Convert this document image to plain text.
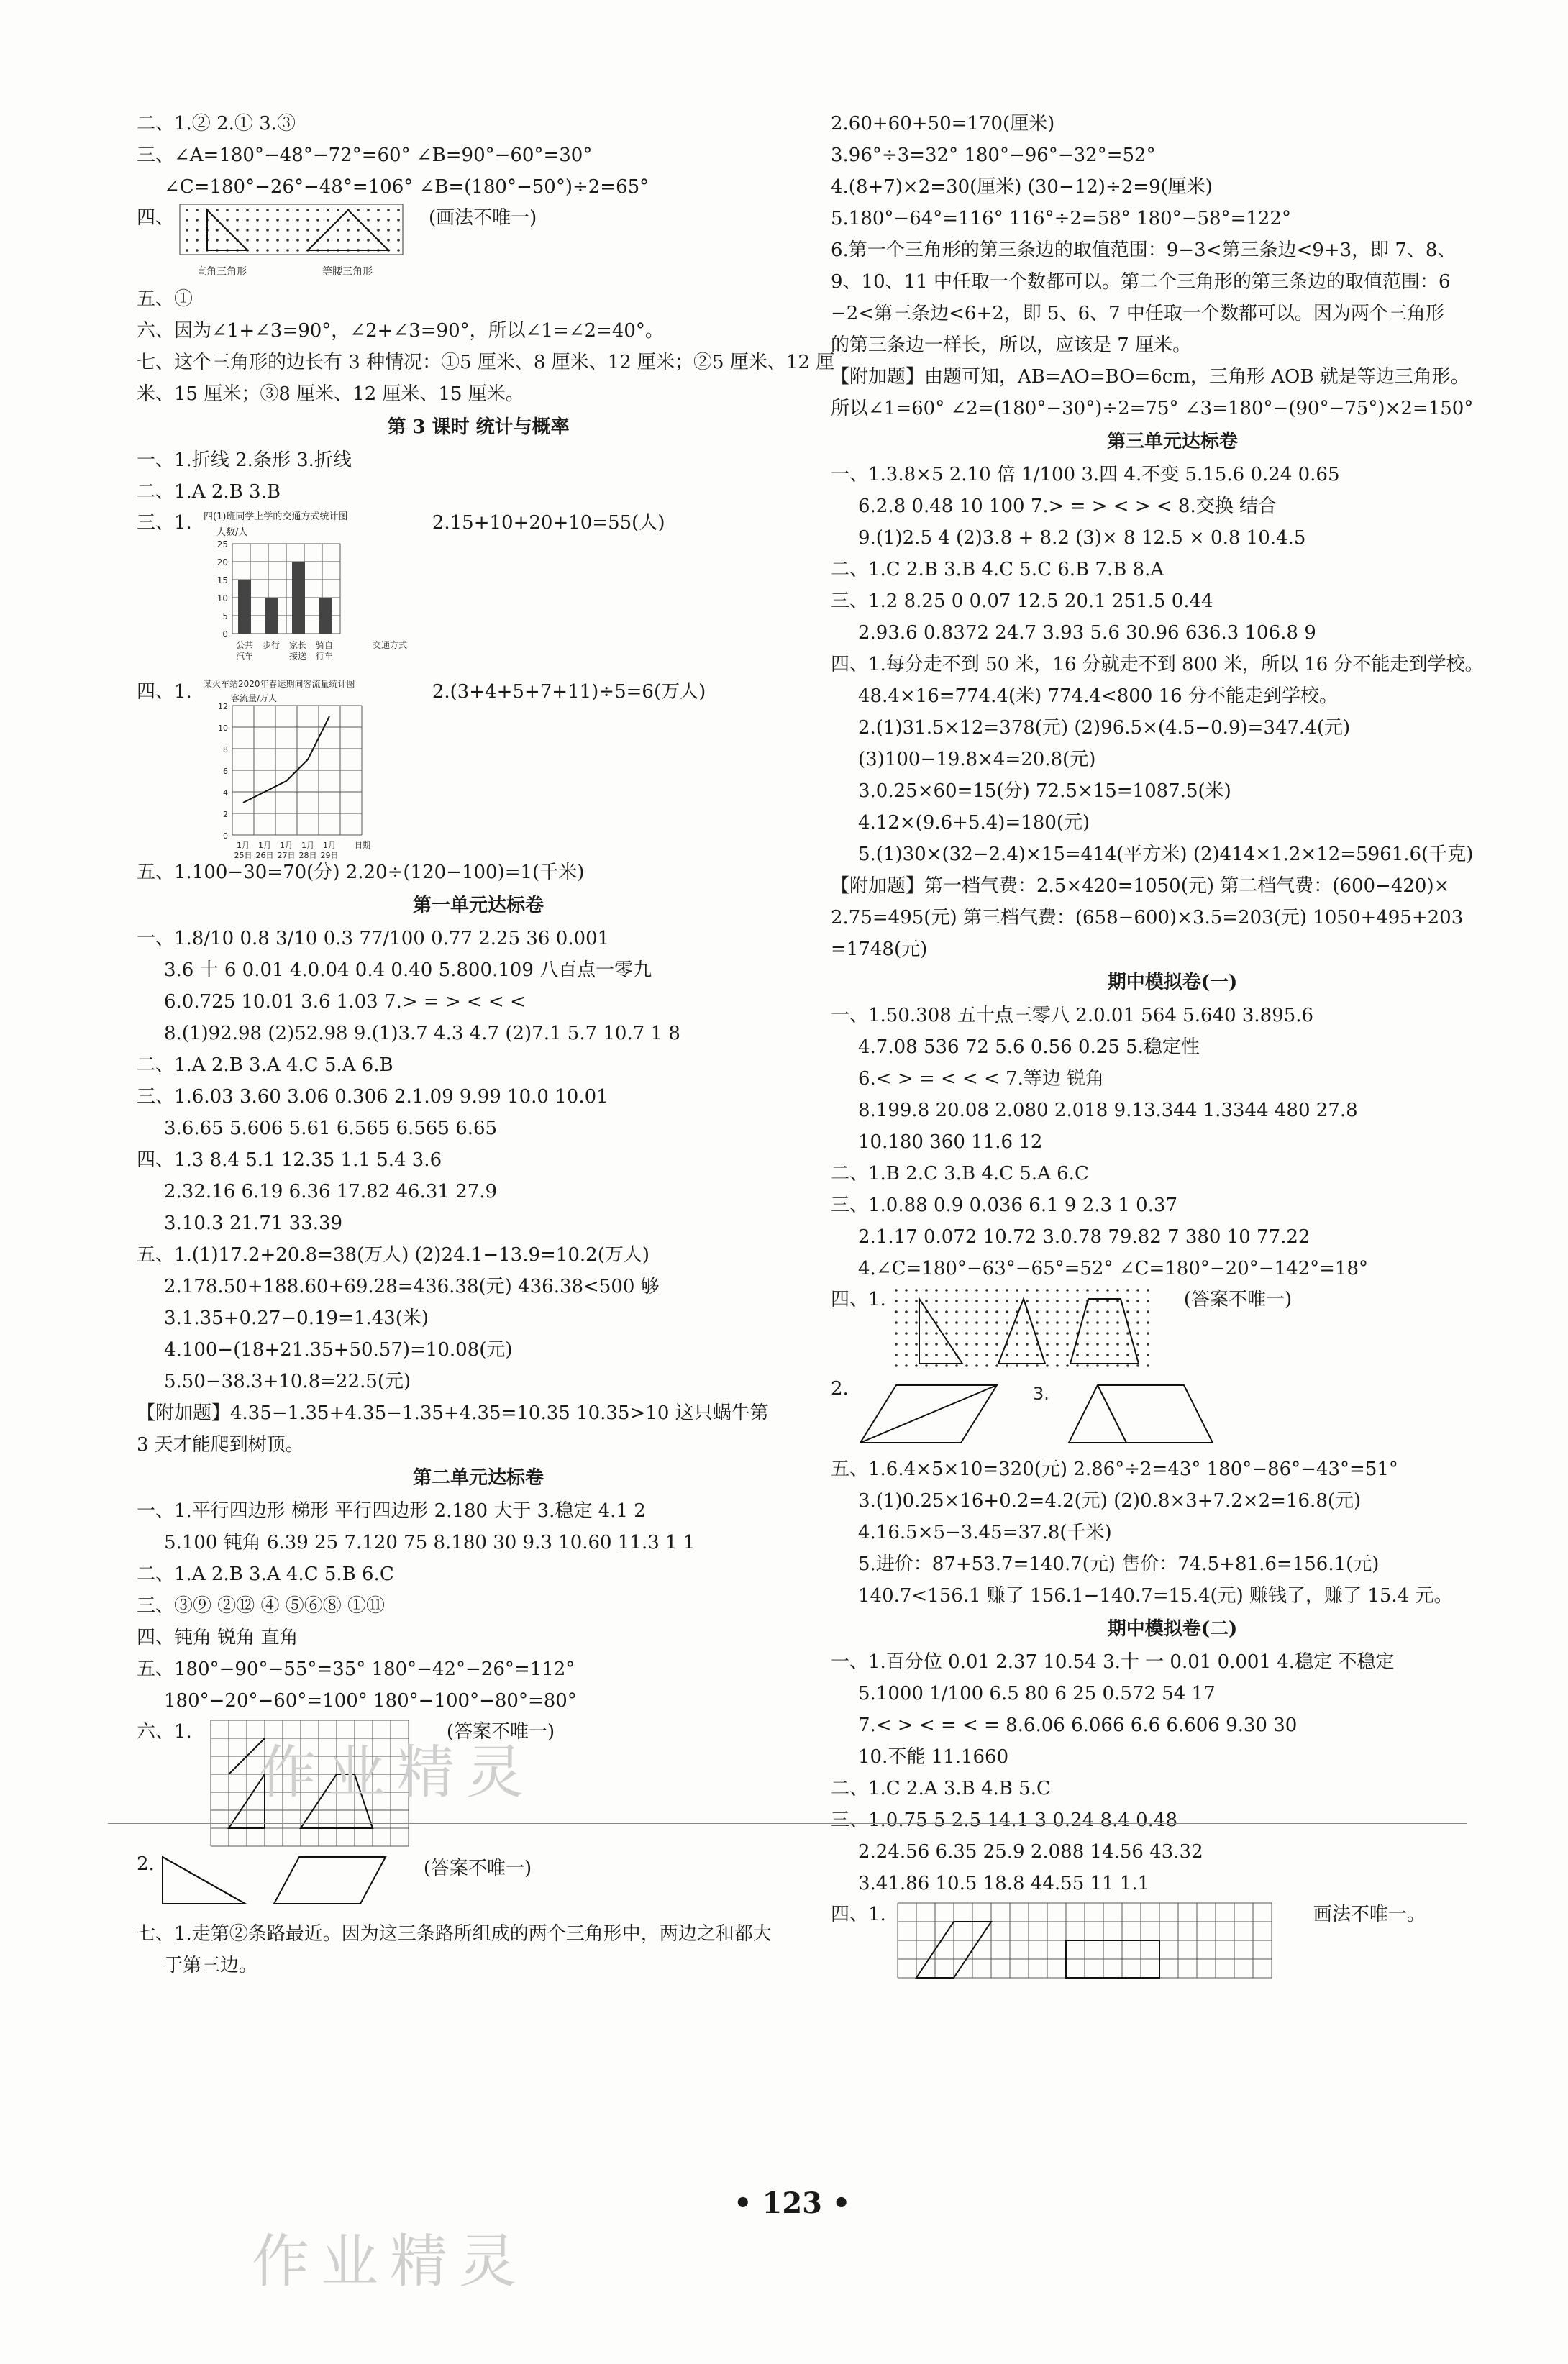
二、1.② 2.① 3.③
三、∠A=180°−48°−72°=60° ∠B=90°−60°=30°
∠C=180°−26°−48°=106° ∠B=(180°−50°)÷2=65°
四、
直角三角形	等腰三角形
(画法不唯一)
五、①
六、因为∠1+∠3=90°，∠2+∠3=90°，所以∠1=∠2=40°。
七、这个三角形的边长有 3 种情况：①5 厘米、8 厘米、12 厘米；②5 厘米、12 厘
米、15 厘米；③8 厘米、12 厘米、15 厘米。
第 3 课时 统计与概率
一、1.折线 2.条形 3.折线
二、1.A 2.B 3.B
三、1. 四(1)班同学上学的交通方式统计图
人数/人
25
20
15
10
5
0
公共 步行 家长 骑自
汽车	接送 行车
交通方式
2.15+10+20+10=55(人)
四、1. 某火车站2020年春运期间客流量统计图
客流量/万人
12
10
8
6
4
2
0
1月
25日
1月
26日
1月
27日
1月
28日
1月
29日
日期
2.(3+4+5+7+11)÷5=6(万人)
五、1.100−30=70(分) 2.20÷(120−100)=1(千米)
第一单元达标卷
一、1.8/10 0.8 3/10 0.3 77/100 0.77 2.25 36 0.001
3.6 十 6 0.01 4.0.04 0.4 0.40 5.800.109 八百点一零九
6.0.725 10.01 3.6 1.03 7.> = > < < <
8.(1)92.98 (2)52.98 9.(1)3.7 4.3 4.7 (2)7.1 5.7 10.7 1 8
二、1.A 2.B 3.A 4.C 5.A 6.B
三、1.6.03 3.60 3.06 0.306 2.1.09 9.99 10.0 10.01
3.6.65 5.606 5.61 6.565 6.565 6.65
四、1.3 8.4 5.1 12.35 1.1 5.4 3.6
2.32.16 6.19 6.36 17.82 46.31 27.9
3.10.3 21.71 33.39
五、1.(1)17.2+20.8=38(万人) (2)24.1−13.9=10.2(万人)
2.178.50+188.60+69.28=436.38(元) 436.38<500 够
3.1.35+0.27−0.19=1.43(米)
4.100−(18+21.35+50.57)=10.08(元)
5.50−38.3+10.8=22.5(元)
【附加题】4.35−1.35+4.35−1.35+4.35=10.35 10.35>10 这只蜗牛第
3 天才能爬到树顶。
第二单元达标卷
一、1.平行四边形 梯形 平行四边形 2.180 大于 3.稳定 4.1 2
5.100 钝角 6.39 25 7.120 75 8.180 30 9.3 10.60 11.3 1 1
二、1.A 2.B 3.A 4.C 5.B 6.C
三、③⑨ ②⑫ ④ ⑤⑥⑧ ①⑪
四、钝角 锐角 直角
五、180°−90°−55°=35° 180°−42°−26°=112°
180°−20°−60°=100° 180°−100°−80°=80°
六、1.	(答案不唯一)
2.	(答案不唯一)
七、1.走第②条路最近。因为这三条路所组成的两个三角形中，两边之和都大
于第三边。
2.60+60+50=170(厘米)
3.96°÷3=32° 180°−96°−32°=52°
4.(8+7)×2=30(厘米) (30−12)÷2=9(厘米)
5.180°−64°=116° 116°÷2=58° 180°−58°=122°
6.第一个三角形的第三条边的取值范围：9−3<第三条边<9+3，即 7、8、
9、10、11 中任取一个数都可以。第二个三角形的第三条边的取值范围：6
−2<第三条边<6+2，即 5、6、7 中任取一个数都可以。因为两个三角形
的第三条边一样长，所以，应该是 7 厘米。
【附加题】由题可知，AB=AO=BO=6cm，三角形 AOB 就是等边三角形。
所以∠1=60° ∠2=(180°−30°)÷2=75° ∠3=180°−(90°−75°)×2=150°
第三单元达标卷
一、1.3.8×5 2.10 倍 1/100 3.四 4.不变 5.15.6 0.24 0.65
6.2.8 0.48 10 100 7.> = > < > < 8.交换 结合
9.(1)2.5 4 (2)3.8 + 8.2 (3)× 8 12.5 × 0.8 10.4.5
二、1.C 2.B 3.B 4.C 5.C 6.B 7.B 8.A
三、1.2 8.25 0 0.07 12.5 20.1 251.5 0.44
2.93.6 0.8372 24.7 3.93 5.6 30.96 636.3 106.8 9
四、1.每分走不到 50 米，16 分就走不到 800 米，所以 16 分不能走到学校。
48.4×16=774.4(米) 774.4<800 16 分不能走到学校。
2.(1)31.5×12=378(元) (2)96.5×(4.5−0.9)=347.4(元)
(3)100−19.8×4=20.8(元)
3.0.25×60=15(分) 72.5×15=1087.5(米)
4.12×(9.6+5.4)=180(元)
5.(1)30×(32−2.4)×15=414(平方米) (2)414×1.2×12=5961.6(千克)
【附加题】第一档气费：2.5×420=1050(元) 第二档气费：(600−420)×
2.75=495(元) 第三档气费：(658−600)×3.5=203(元) 1050+495+203
=1748(元)
期中模拟卷(一)
一、1.50.308 五十点三零八 2.0.01 564 5.640 3.895.6
4.7.08 536 72 5.6 0.56 0.25 5.稳定性
6.< > = < < < 7.等边 锐角
8.199.8 20.08 2.080 2.018 9.13.344 1.3344 480 27.8
10.180 360 11.6 12
二、1.B 2.C 3.B 4.C 5.A 6.C
三、1.0.88 0.9 0.036 6.1 9 2.3 1 0.37
2.1.17 0.072 10.72 3.0.78 79.82 7 380 10 77.22
4.∠C=180°−63°−65°=52° ∠C=180°−20°−142°=18°
四、1.	(答案不唯一)
2.	3.
五、1.6.4×5×10=320(元) 2.86°÷2=43° 180°−86°−43°=51°
3.(1)0.25×16+0.2=4.2(元) (2)0.8×3+7.2×2=16.8(元)
4.16.5×5−3.45=37.8(千米)
5.进价：87+53.7=140.7(元) 售价：74.5+81.6=156.1(元)
140.7<156.1 赚了 156.1−140.7=15.4(元) 赚钱了，赚了 15.4 元。
期中模拟卷(二)
一、1.百分位 0.01 2.37 10.54 3.十 一 0.01 0.001 4.稳定 不稳定
5.1000 1/100 6.5 80 6 25 0.572 54 17
7.< > < = < = 8.6.06 6.066 6.6 6.606 9.30 30
10.不能 11.1660
二、1.C 2.A 3.B 4.B 5.C
三、1.0.75 5 2.5 14.1 3 0.24 8.4 0.48
2.24.56 6.35 25.9 2.088 14.56 43.32
3.41.86 10.5 18.8 44.55 11 1.1
四、1.	画法不唯一。
作业精灵
作业精灵
• 123 •
